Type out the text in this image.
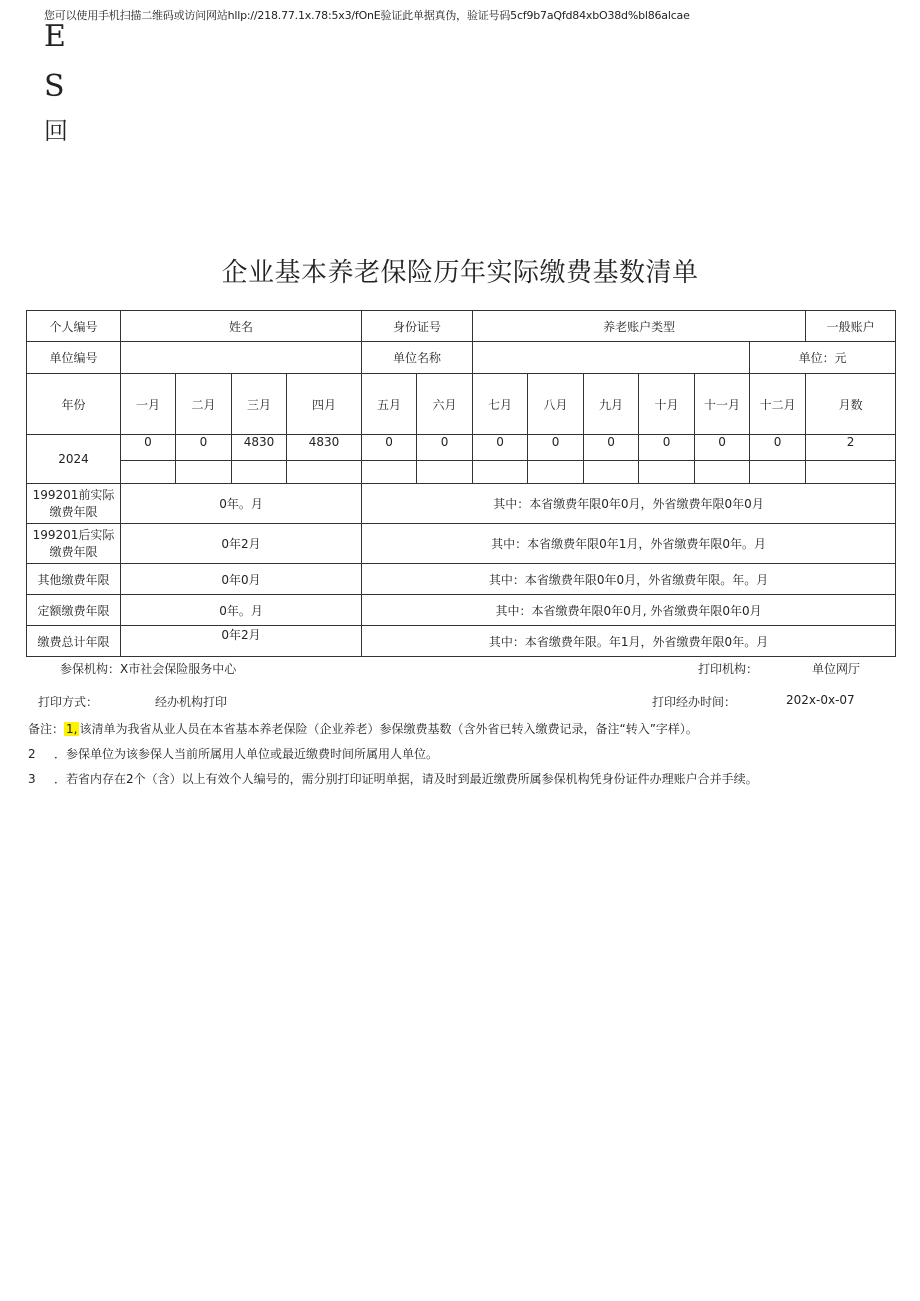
您可以使用手机扫描二维码或访问网站hllp://218.77.1x.78:5x3/fOnE验证此单据真伪，验证号码5cf9b7aQfd84xbO38d%bl86alcae
E
S
回
企业基本养老保险历年实际缴费基数清单
个人编号	姓名				身份证号		养老账户类型						一般账户
单位编号					单位名称							单位：元	
年份	一月	二月	三月	四月	五月	六月	七月	八月	九月	十月	十一月	十二月	月数
2024	0	0	4830	4830	0	0	0	0	0	0	0	0	2

199201前实际缴费年限	0年。月				其中：本省缴费年限0年0月，外省缴费年限0年0月								
199201后实际缴费年限	0年2月				其中：本省缴费年限0年1月，外省缴费年限0年。月								
其他缴费年限	0年0月				其中：本省缴费年限0年0月，外省缴费年限。年。月								
定额缴费年限	0年。月				其中：本省缴费年限0年0月, 外省缴费年限0年0月								
缴费总计年限	0年2月				其中：本省缴费年限。年1月，外省缴费年限0年。月								
参保机构：X市社会保险服务中心	打印机构：	单位网厅
打印方式：	经办机构打印	打印经办时间：	202x-0x-07
备注： 1, 该清单为我省从业人员在本省基本养老保险（企业养老）参保缴费基数（含外省已转入缴费记录，备注“转入”字样）。
2 ．参保单位为该参保人当前所属用人单位或最近缴费时间所属用人单位。
3 ．若省内存在2个（含）以上有效个人编号的，需分别打印证明单据，请及时到最近缴费所属参保机构凭身份证件办理账户合并手续。
